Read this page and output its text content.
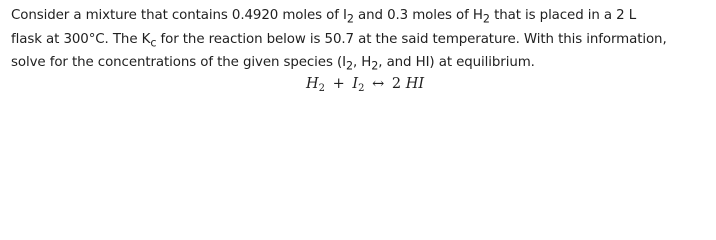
Consider a mixture that contains 0.4920 moles of $I_2$ and 0.3 moles of $H_2$ that is placed in a 2 L
flask at 300°C. The $K_c$ for the reaction below is 50.7 at the said temperature. With this information,
solve for the concentrations of the given species ($I_2$, $H_2$, and HI) at equilibrium.
$H_2 + I_2$ ↔ 2 HI
